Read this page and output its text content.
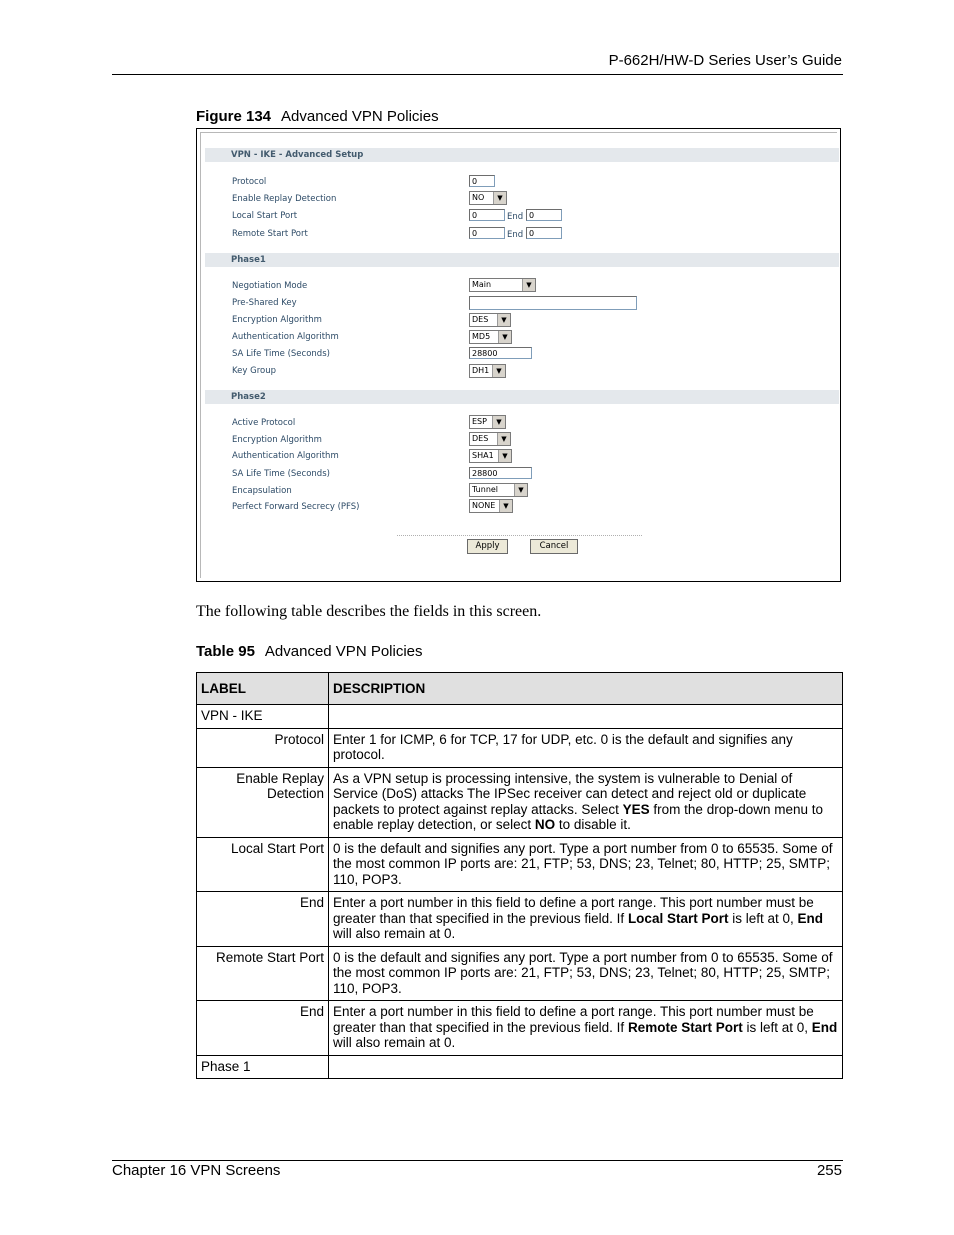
P-662H/HW-D Series User’s Guide
Figure 134 Advanced VPN Policies
VPN - IKE - Advanced Setup
Protocol	0
Enable Replay Detection	NO	▼
Local Start Port	0	End 0
Remote Start Port	0	End 0
Phase1
Negotiation Mode	Main	▼
Pre-Shared Key
Encryption Algorithm	DES	▼
Authentication Algorithm	MD5	▼
SA Life Time (Seconds)	28800
Key Group	DH1	▼
Phase2
Active Protocol	ESP	▼
Encryption Algorithm	DES	▼
Authentication Algorithm	SHA1	▼
SA Life Time (Seconds)	28800
Encapsulation	Tunnel	▼
Perfect Forward Secrecy (PFS)	NONE	▼
Apply	Cancel
The following table describes the fields in this screen.
Table 95 Advanced VPN Policies
LABEL	DESCRIPTION
VPN - IKE	
Protocol	Enter 1 for ICMP, 6 for TCP, 17 for UDP, etc. 0 is the default and signifies any protocol.
Enable Replay
Detection	As a VPN setup is processing intensive, the system is vulnerable to Denial of Service (DoS) attacks The IPSec receiver can detect and reject old or duplicate packets to protect against replay attacks. Select YES from the drop-down menu to enable replay detection, or select NO to disable it.
Local Start Port	0 is the default and signifies any port. Type a port number from 0 to 65535. Some of the most common IP ports are: 21, FTP; 53, DNS; 23, Telnet; 80, HTTP; 25, SMTP; 110, POP3.
End	Enter a port number in this field to define a port range. This port number must be greater than that specified in the previous field. If Local Start Port is left at 0, End will also remain at 0.
Remote Start Port	0 is the default and signifies any port. Type a port number from 0 to 65535. Some of the most common IP ports are: 21, FTP; 53, DNS; 23, Telnet; 80, HTTP; 25, SMTP; 110, POP3.
End	Enter a port number in this field to define a port range. This port number must be greater than that specified in the previous field. If Remote Start Port is left at 0, End will also remain at 0.
Phase 1	
Chapter 16 VPN Screens	255
